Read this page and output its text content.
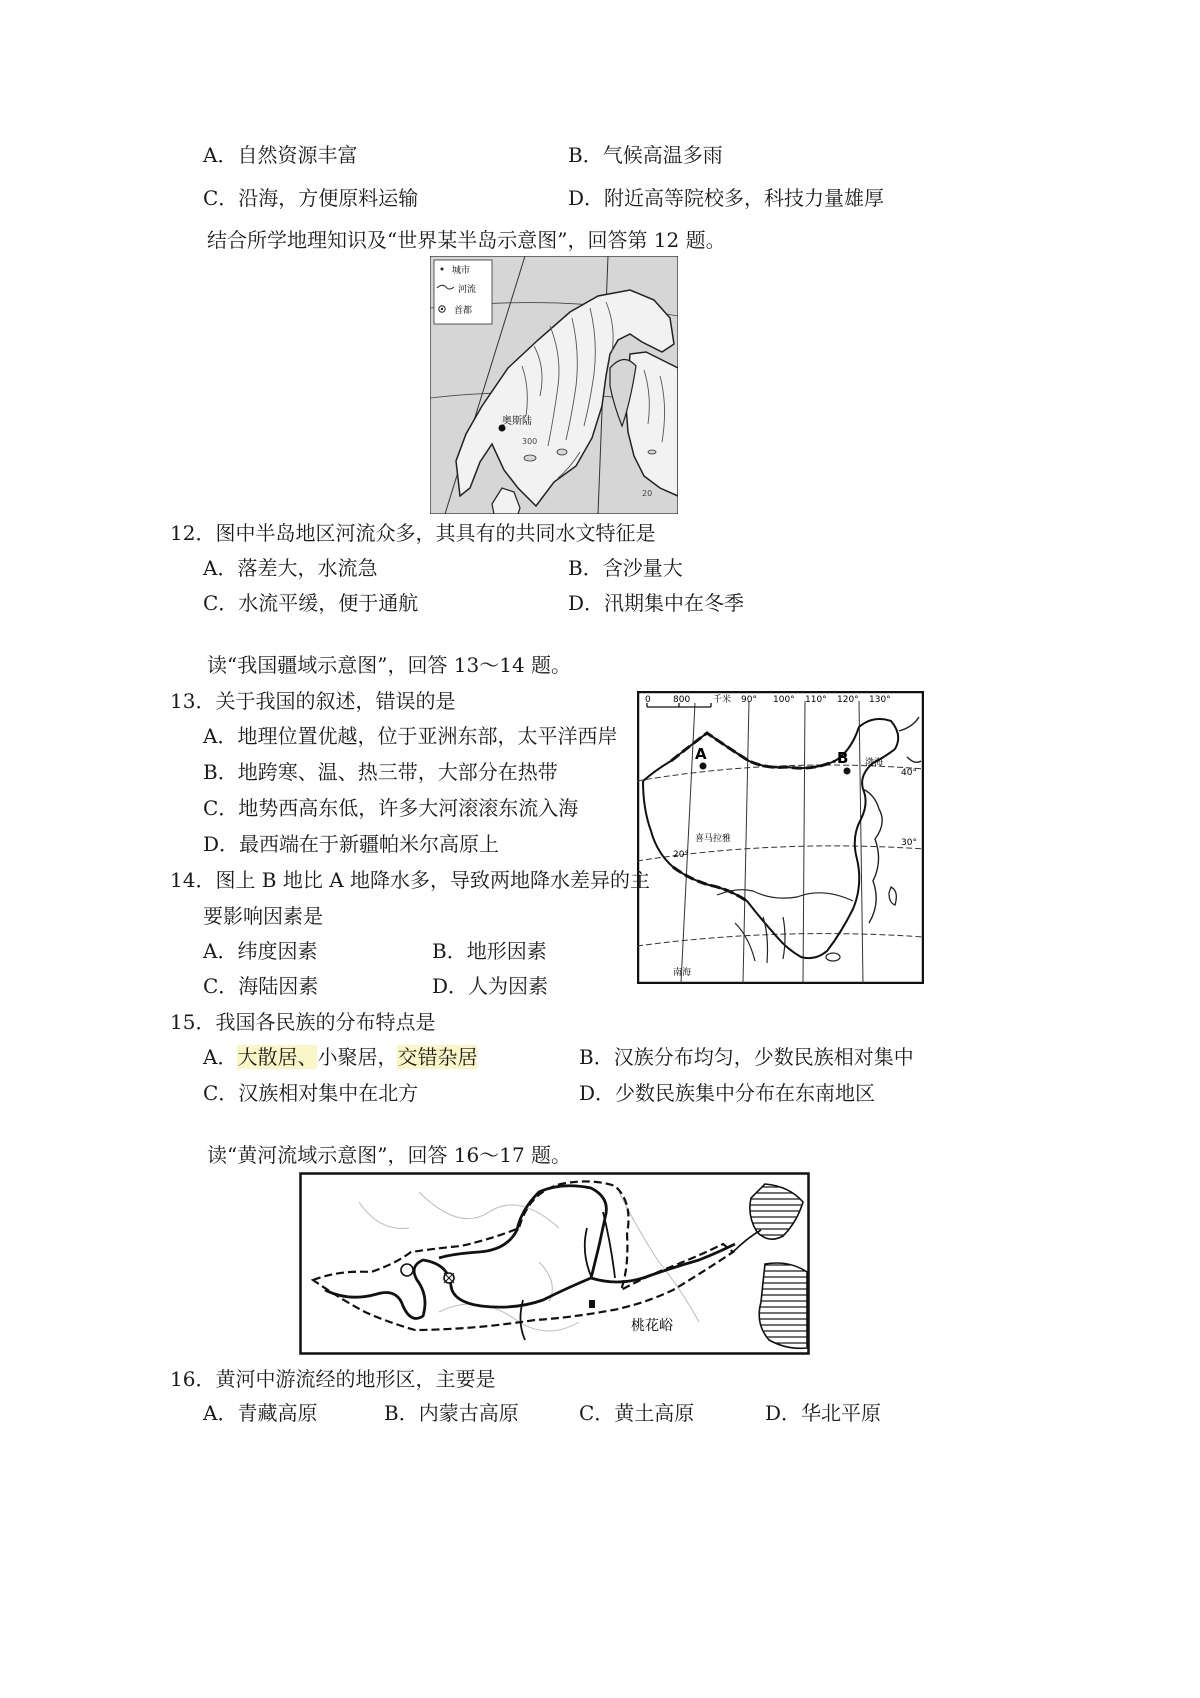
A．自然资源丰富	B．气候高温多雨
C．沿海，方便原料运输	D．附近高等院校多，科技力量雄厚
结合所学地理知识及“世界某半岛示意图”，回答第 12 题。
城市
河流
首都
奥斯陆
300
20
12．图中半岛地区河流众多，其具有的共同水文特征是
A．落差大，水流急	B．含沙量大
C．水流平缓，便于通航	D．汛期集中在冬季
读“我国疆域示意图”，回答 13～14 题。
0 800	千米 90° 100° 110° 120° 130°
40°
30°
20°
A	B
喜马拉雅
渤海
南海
13．关于我国的叙述，错误的是
A．地理位置优越，位于亚洲东部，太平洋西岸
B．地跨寒、温、热三带，大部分在热带
C．地势西高东低，许多大河滚滚东流入海
D．最西端在于新疆帕米尔高原上
14．图上 B 地比 A 地降水多，导致两地降水差异的主
要影响因素是
A．纬度因素	B．地形因素
C．海陆因素	D．人为因素
15．我国各民族的分布特点是
A．大散居、小聚居，交错杂居	B．汉族分布均匀，少数民族相对集中
C．汉族相对集中在北方	D．少数民族集中分布在东南地区
读“黄河流域示意图”，回答 16～17 题。
桃花峪
16．黄河中游流经的地形区，主要是
A．青藏高原	B．内蒙古高原	C．黄土高原	D．华北平原
